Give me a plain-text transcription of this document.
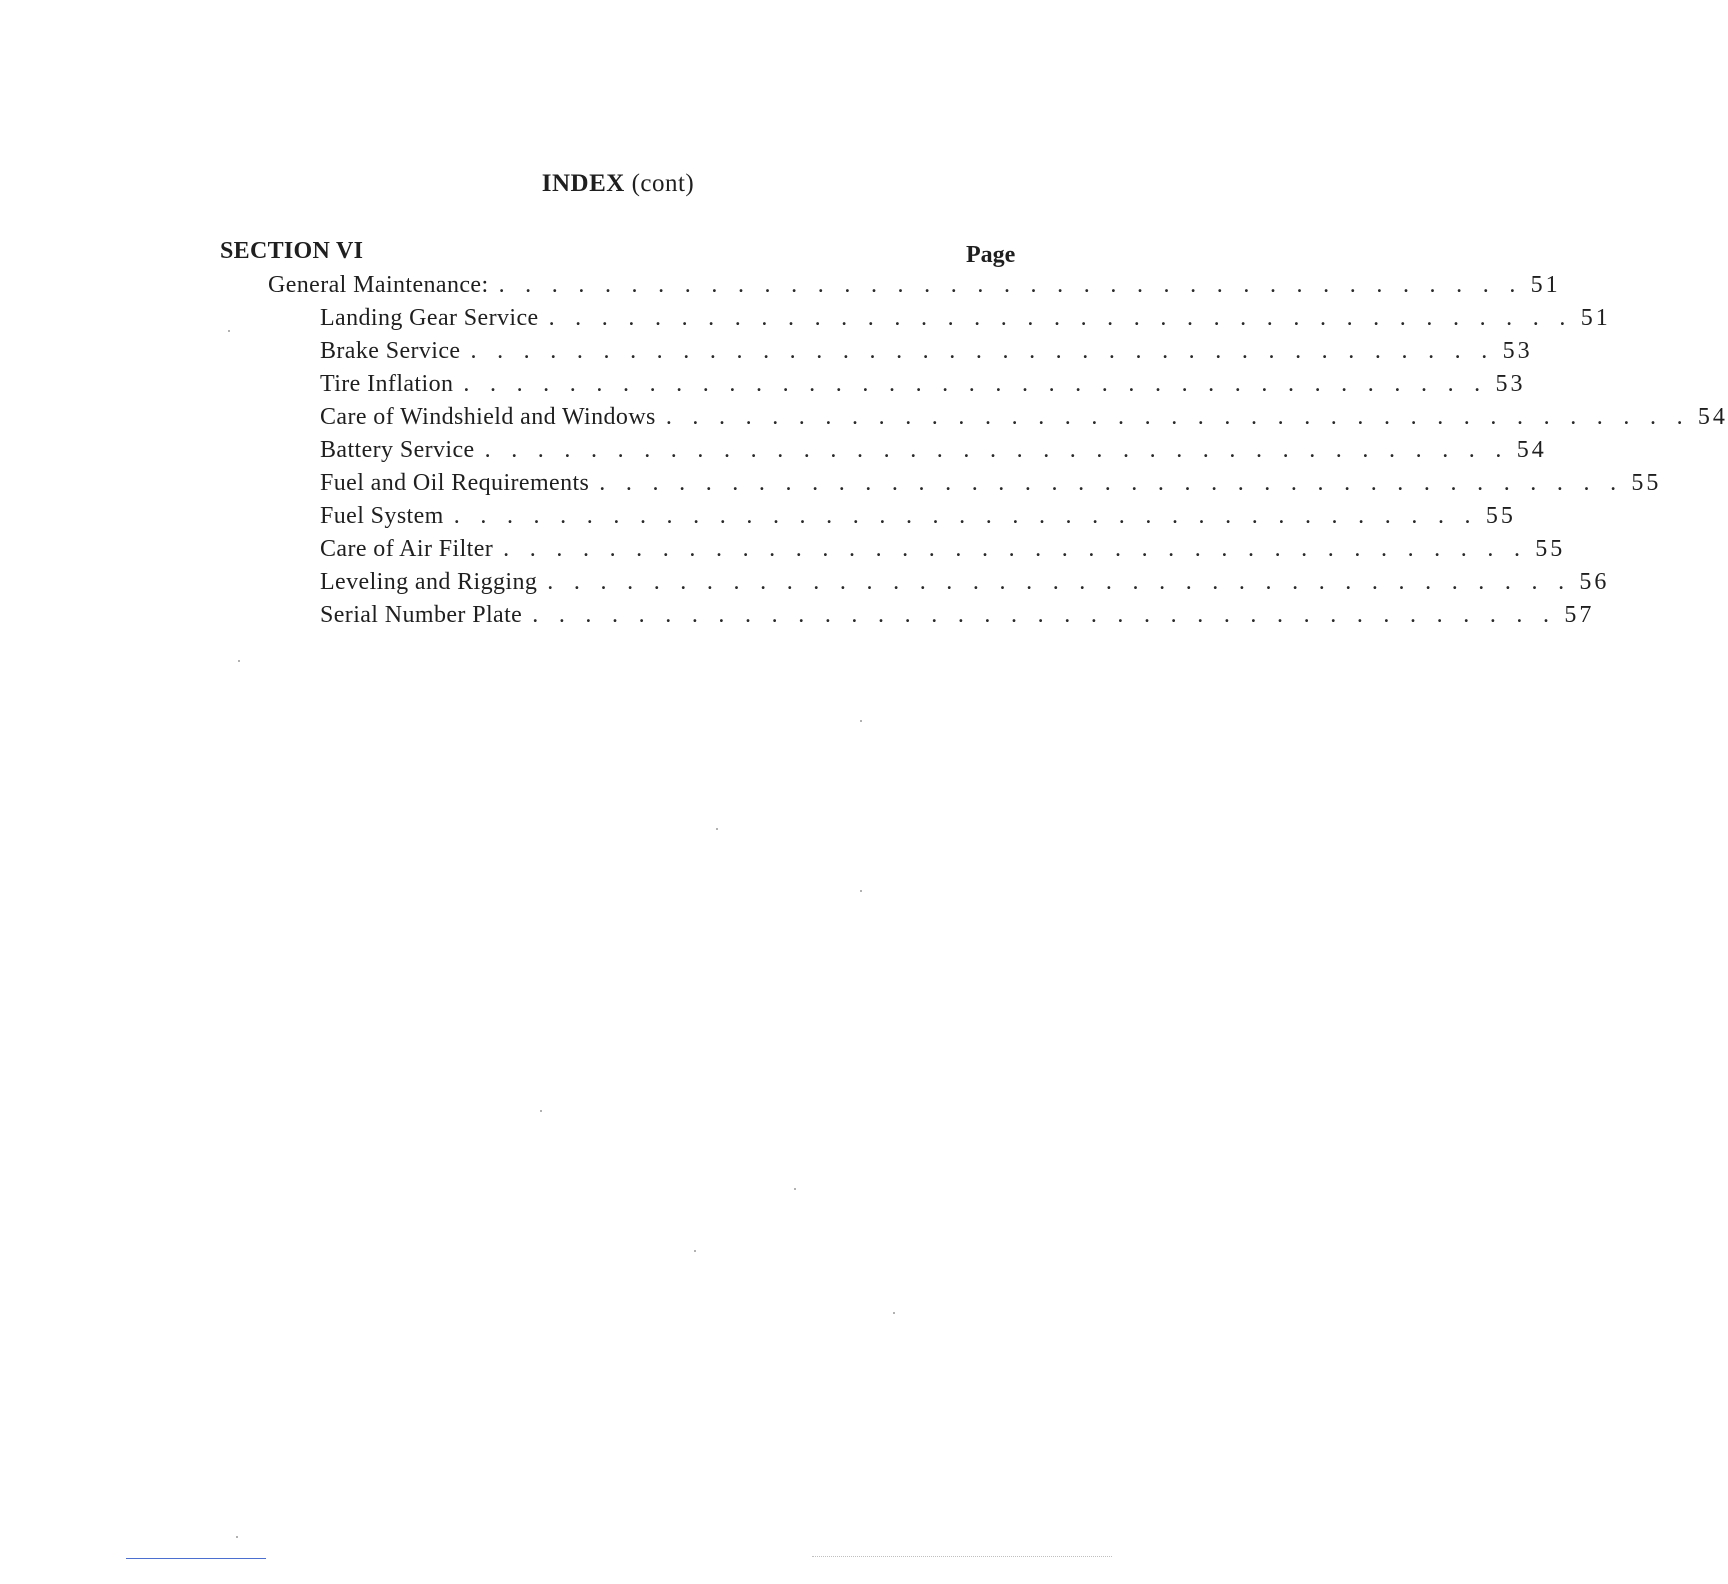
INDEX (cont)
SECTION VI	Page
General Maintenance: . . . . . . . . . . . . . . . . . . . . . . . . . . . . . . . . . . . . . . . 51
Landing Gear Service . . . . . . . . . . . . . . . . . . . . . . . . . . . . . . . . . . . . . . . 51
Brake Service . . . . . . . . . . . . . . . . . . . . . . . . . . . . . . . . . . . . . . . 53
Tire Inflation . . . . . . . . . . . . . . . . . . . . . . . . . . . . . . . . . . . . . . . 53
Care of Windshield and Windows . . . . . . . . . . . . . . . . . . . . . . . . . . . . . . . . . . . . . . . 54
Battery Service . . . . . . . . . . . . . . . . . . . . . . . . . . . . . . . . . . . . . . . 54
Fuel and Oil Requirements . . . . . . . . . . . . . . . . . . . . . . . . . . . . . . . . . . . . . . . 55
Fuel System . . . . . . . . . . . . . . . . . . . . . . . . . . . . . . . . . . . . . . . 55
Care of Air Filter . . . . . . . . . . . . . . . . . . . . . . . . . . . . . . . . . . . . . . . 55
Leveling and Rigging . . . . . . . . . . . . . . . . . . . . . . . . . . . . . . . . . . . . . . . 56
Serial Number Plate . . . . . . . . . . . . . . . . . . . . . . . . . . . . . . . . . . . . . . . 57
